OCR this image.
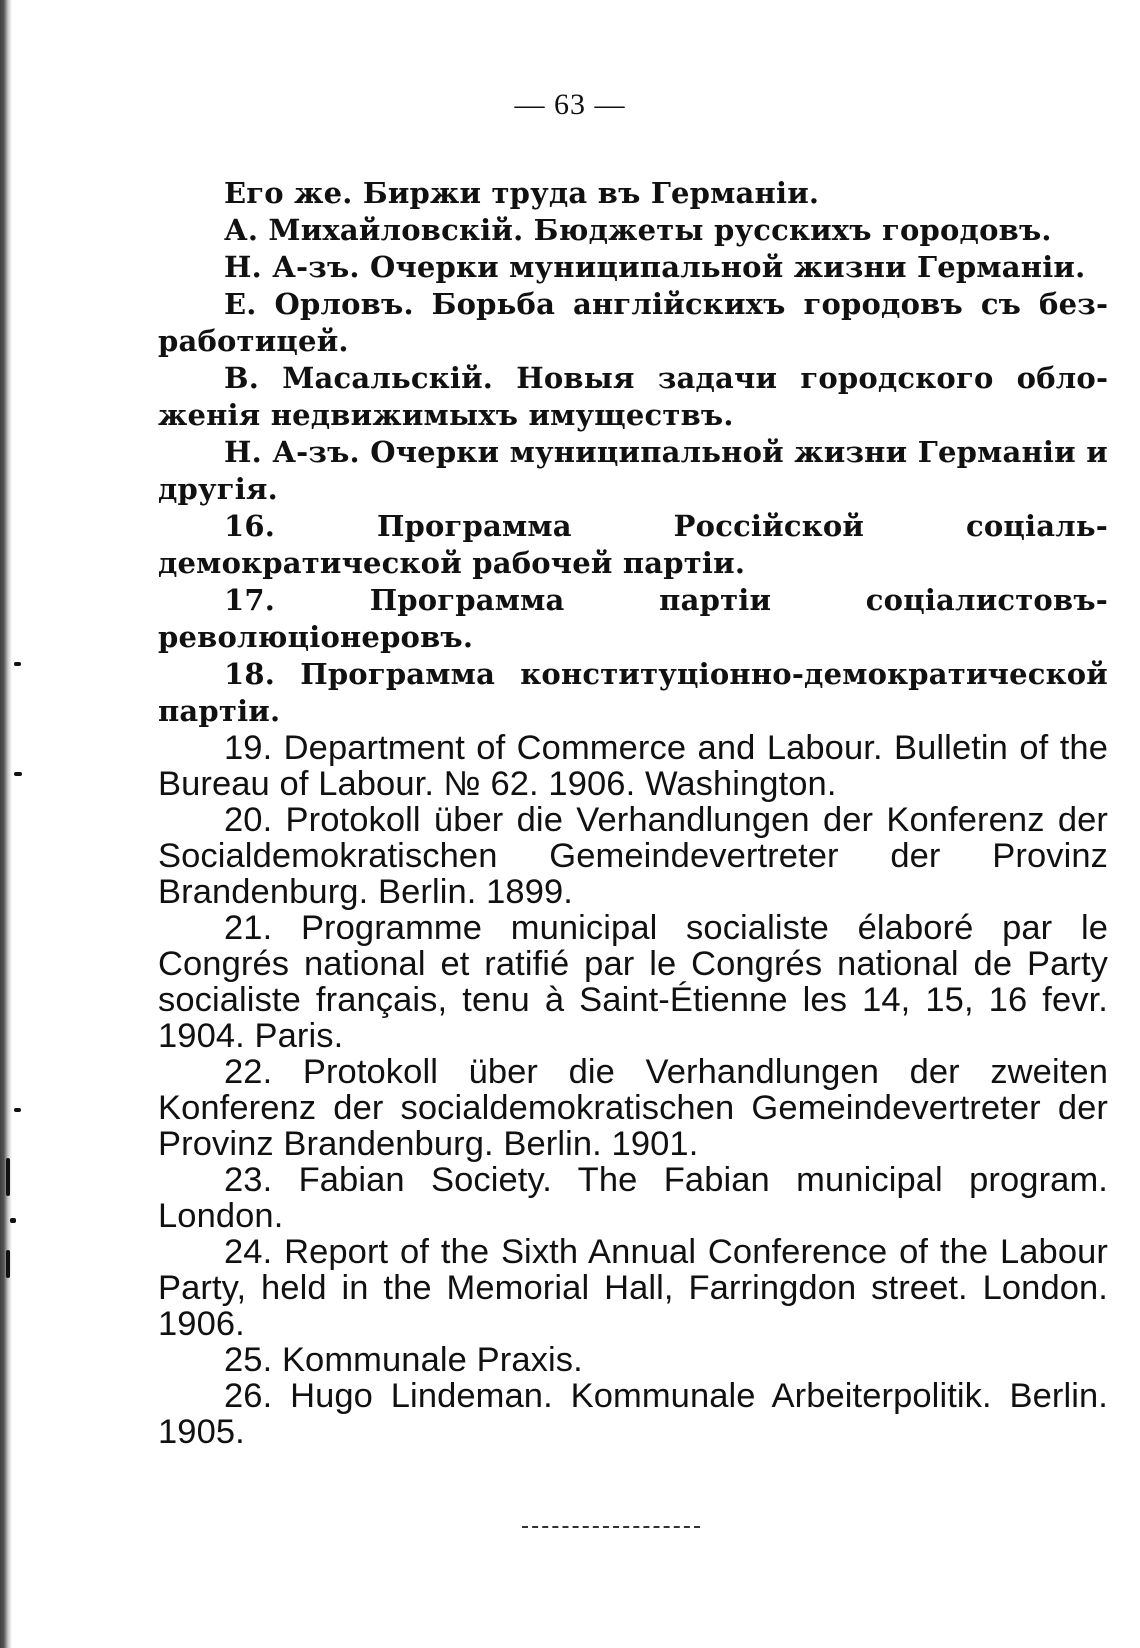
— 63 —

Его же. Биржи труда въ Германіи.

А. Михайловскій. Бюджеты русскихъ городовъ.

Н. А-зъ. Очерки муниципальной жизни Германіи.

Е. Орловъ. Борьба англійскихъ городовъ съ безработицей.

В. Масальскій. Новыя задачи городского обложенія недвижимыхъ имуществъ.

Н. А-зъ. Очерки муниципальной жизни Германіи и другія.

16. Программа Россійской соціаль-демократической рабочей партіи.

17. Программа партіи соціалистовъ-революціонеровъ.

18. Программа конституціонно-демократической партіи.

19. Department of Commerce and Labour. Bulletin of the Bureau of Labour. № 62. 1906. Washington.

20. Protokoll über die Verhandlungen der Konferenz der Socialdemokratischen Gemeindevertreter der Provinz Brandenburg. Berlin. 1899.

21. Programme municipal socialiste élaboré par le Congrés national et ratifié par le Congrés national de Party socialiste français, tenu à Saint-Étienne les 14, 15, 16 fevr. 1904. Paris.

22. Protokoll über die Verhandlungen der zweiten Konferenz der socialdemokratischen Gemeindevertreter der Provinz Brandenburg. Berlin. 1901.

23. Fabian Society. The Fabian municipal program. London.

24. Report of the Sixth Annual Conference of the Labour Party, held in the Memorial Hall, Farringdon street. London. 1906.

25. Kommunale Praxis.

26. Hugo Lindeman. Kommunale Arbeiterpolitik. Berlin. 1905.
